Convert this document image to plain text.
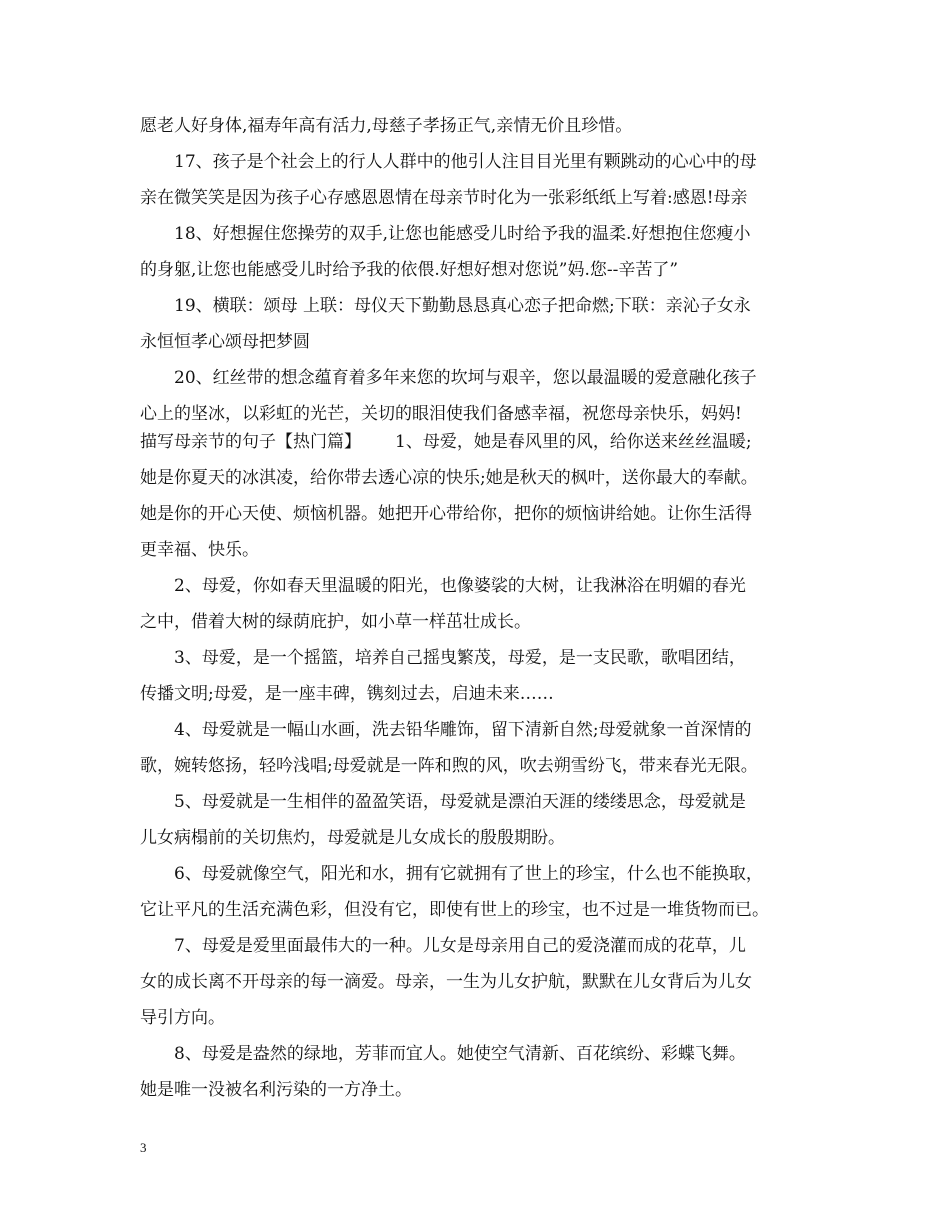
愿老人好身体,福寿年高有活力,母慈子孝扬正气,亲情无价且珍惜。
17、孩子是个社会上的行人人群中的他引人注目目光里有颗跳动的心心中的母
亲在微笑笑是因为孩子心存感恩恩情在母亲节时化为一张彩纸纸上写着:感恩!母亲
18、好想握住您操劳的双手,让您也能感受儿时给予我的温柔.好想抱住您瘦小
的身躯,让您也能感受儿时给予我的依偎.好想好想对您说”妈.您--辛苦了”
19、横联：颂母 上联：母仪天下勤勤恳恳真心恋子把命燃;下联：亲沁子女永
永恒恒孝心颂母把梦圆
20、红丝带的想念蕴育着多年来您的坎坷与艰辛，您以最温暖的爱意融化孩子
心上的坚冰，以彩虹的光芒，关切的眼泪使我们备感幸福，祝您母亲快乐，妈妈!
描写母亲节的句子【热门篇】 1、母爱，她是春风里的风，给你送来丝丝温暖;
她是你夏天的冰淇凌，给你带去透心凉的快乐;她是秋天的枫叶，送你最大的奉献。
她是你的开心天使、烦恼机器。她把开心带给你，把你的烦恼讲给她。让你生活得
更幸福、快乐。
2、母爱，你如春天里温暖的阳光，也像婆裟的大树，让我淋浴在明媚的春光
之中，借着大树的绿荫庇护，如小草一样茁壮成长。
3、母爱，是一个摇篮，培养自己摇曳繁茂，母爱，是一支民歌，歌唱团结，
传播文明;母爱，是一座丰碑，镌刻过去，启迪未来……
4、母爱就是一幅山水画，洗去铅华雕饰，留下清新自然;母爱就象一首深情的
歌，婉转悠扬，轻吟浅唱;母爱就是一阵和煦的风，吹去朔雪纷飞，带来春光无限。
5、母爱就是一生相伴的盈盈笑语，母爱就是漂泊天涯的缕缕思念，母爱就是
儿女病榻前的关切焦灼，母爱就是儿女成长的殷殷期盼。
6、母爱就像空气，阳光和水，拥有它就拥有了世上的珍宝，什么也不能换取，
它让平凡的生活充满色彩，但没有它，即使有世上的珍宝，也不过是一堆货物而已。
7、母爱是爱里面最伟大的一种。儿女是母亲用自己的爱浇灌而成的花草，儿
女的成长离不开母亲的每一滴爱。母亲，一生为儿女护航，默默在儿女背后为儿女
导引方向。
8、母爱是盎然的绿地，芳菲而宜人。她使空气清新、百花缤纷、彩蝶飞舞。
她是唯一没被名利污染的一方净土。
3
